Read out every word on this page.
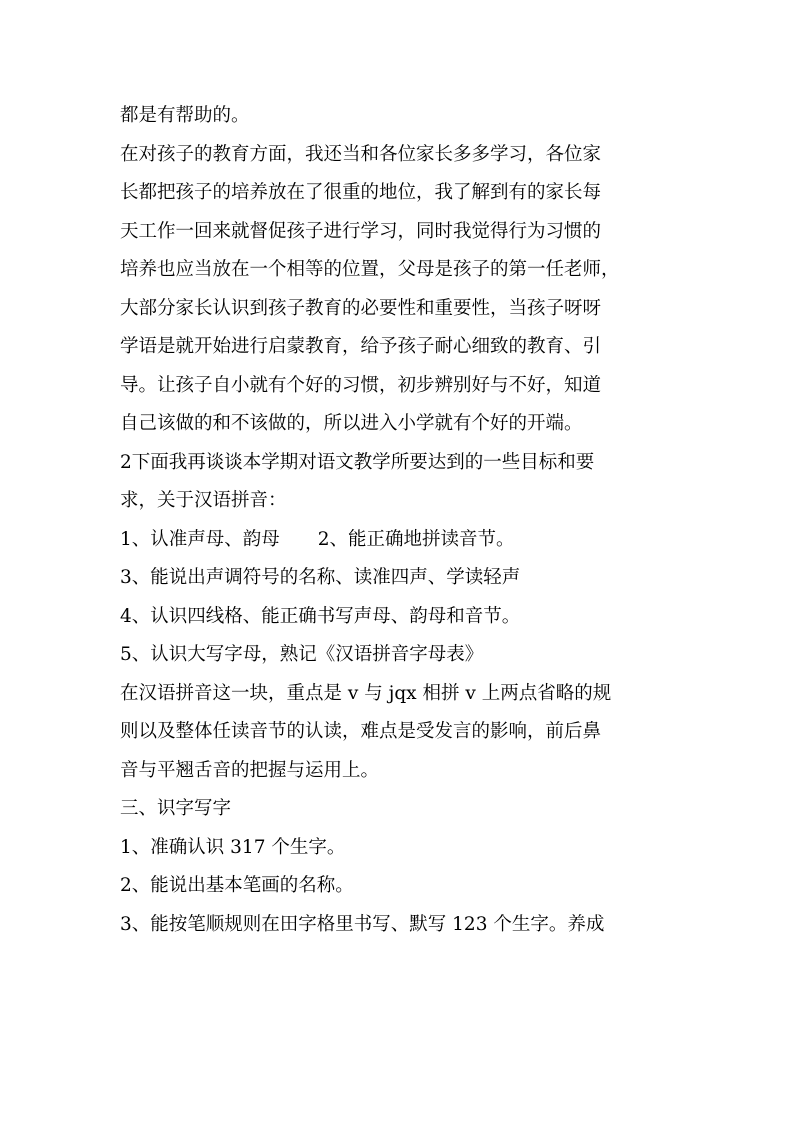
都是有帮助的。
在对孩子的教育方面，我还当和各位家长多多学习，各位家
长都把孩子的培养放在了很重的地位，我了解到有的家长每
天工作一回来就督促孩子进行学习，同时我觉得行为习惯的
培养也应当放在一个相等的位置，父母是孩子的第一任老师，
大部分家长认识到孩子教育的必要性和重要性，当孩子呀呀
学语是就开始进行启蒙教育，给予孩子耐心细致的教育、引
导。让孩子自小就有个好的习惯，初步辨别好与不好，知道
自己该做的和不该做的，所以进入小学就有个好的开端。
2下面我再谈谈本学期对语文教学所要达到的一些目标和要
求，关于汉语拼音：
1、认准声母、韵母 2、能正确地拼读音节。
3、能说出声调符号的名称、读准四声、学读轻声
4、认识四线格、能正确书写声母、韵母和音节。
5、认识大写字母，熟记《汉语拼音字母表》
在汉语拼音这一块，重点是 v 与 jqx 相拼 v 上两点省略的规
则以及整体任读音节的认读，难点是受发言的影响，前后鼻
音与平翘舌音的把握与运用上。
三、识字写字
1、准确认识 317 个生字。
2、能说出基本笔画的名称。
3、能按笔顺规则在田字格里书写、默写 123 个生字。养成
